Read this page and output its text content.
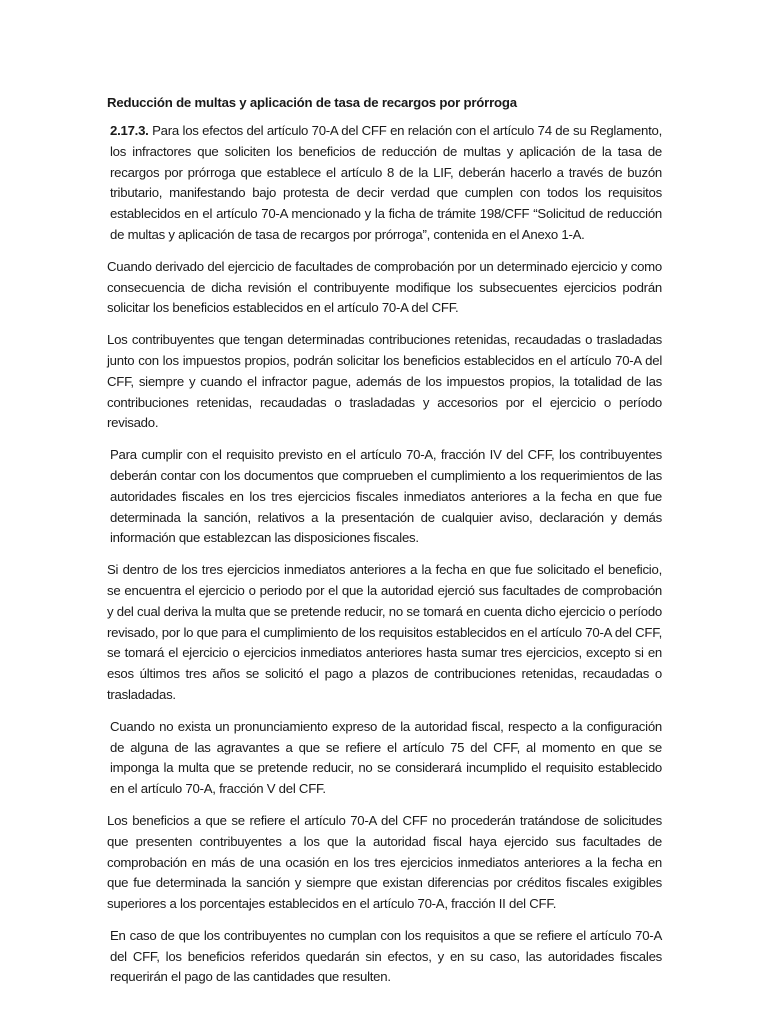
Reducción de multas y aplicación de tasa de recargos por prórroga

2.17.3. Para los efectos del artículo 70-A del CFF en relación con el artículo 74 de su Reglamento, los infractores que soliciten los beneficios de reducción de multas y aplicación de la tasa de recargos por prórroga que establece el artículo 8 de la LIF, deberán hacerlo a través de buzón tributario, manifestando bajo protesta de decir verdad que cumplen con todos los requisitos establecidos en el artículo 70-A mencionado y la ficha de trámite 198/CFF “Solicitud de reducción de multas y aplicación de tasa de recargos por prórroga”, contenida en el Anexo 1-A.

Cuando derivado del ejercicio de facultades de comprobación por un determinado ejercicio y como consecuencia de dicha revisión el contribuyente modifique los subsecuentes ejercicios podrán solicitar los beneficios establecidos en el artículo 70-A del CFF.

Los contribuyentes que tengan determinadas contribuciones retenidas, recaudadas o trasladadas junto con los impuestos propios, podrán solicitar los beneficios establecidos en el artículo 70-A del CFF, siempre y cuando el infractor pague, además de los impuestos propios, la totalidad de las contribuciones retenidas, recaudadas o trasladadas y accesorios por el ejercicio o período revisado.

Para cumplir con el requisito previsto en el artículo 70-A, fracción IV del CFF, los contribuyentes deberán contar con los documentos que comprueben el cumplimiento a los requerimientos de las autoridades fiscales en los tres ejercicios fiscales inmediatos anteriores a la fecha en que fue determinada la sanción, relativos a la presentación de cualquier aviso, declaración y demás información que establezcan las disposiciones fiscales.

Si dentro de los tres ejercicios inmediatos anteriores a la fecha en que fue solicitado el beneficio, se encuentra el ejercicio o periodo por el que la autoridad ejerció sus facultades de comprobación y del cual deriva la multa que se pretende reducir, no se tomará en cuenta dicho ejercicio o período revisado, por lo que para el cumplimiento de los requisitos establecidos en el artículo 70-A del CFF, se tomará el ejercicio o ejercicios inmediatos anteriores hasta sumar tres ejercicios, excepto si en esos últimos tres años se solicitó el pago a plazos de contribuciones retenidas, recaudadas o trasladadas.

Cuando no exista un pronunciamiento expreso de la autoridad fiscal, respecto a la configuración de alguna de las agravantes a que se refiere el artículo 75 del CFF, al momento en que se imponga la multa que se pretende reducir, no se considerará incumplido el requisito establecido en el artículo 70-A, fracción V del CFF.

Los beneficios a que se refiere el artículo 70-A del CFF no procederán tratándose de solicitudes que presenten contribuyentes a los que la autoridad fiscal haya ejercido sus facultades de comprobación en más de una ocasión en los tres ejercicios inmediatos anteriores a la fecha en que fue determinada la sanción y siempre que existan diferencias por créditos fiscales exigibles superiores a los porcentajes establecidos en el artículo 70-A, fracción II del CFF.

En caso de que los contribuyentes no cumplan con los requisitos a que se refiere el artículo 70-A del CFF, los beneficios referidos quedarán sin efectos, y en su caso, las autoridades fiscales requerirán el pago de las cantidades que resulten.
